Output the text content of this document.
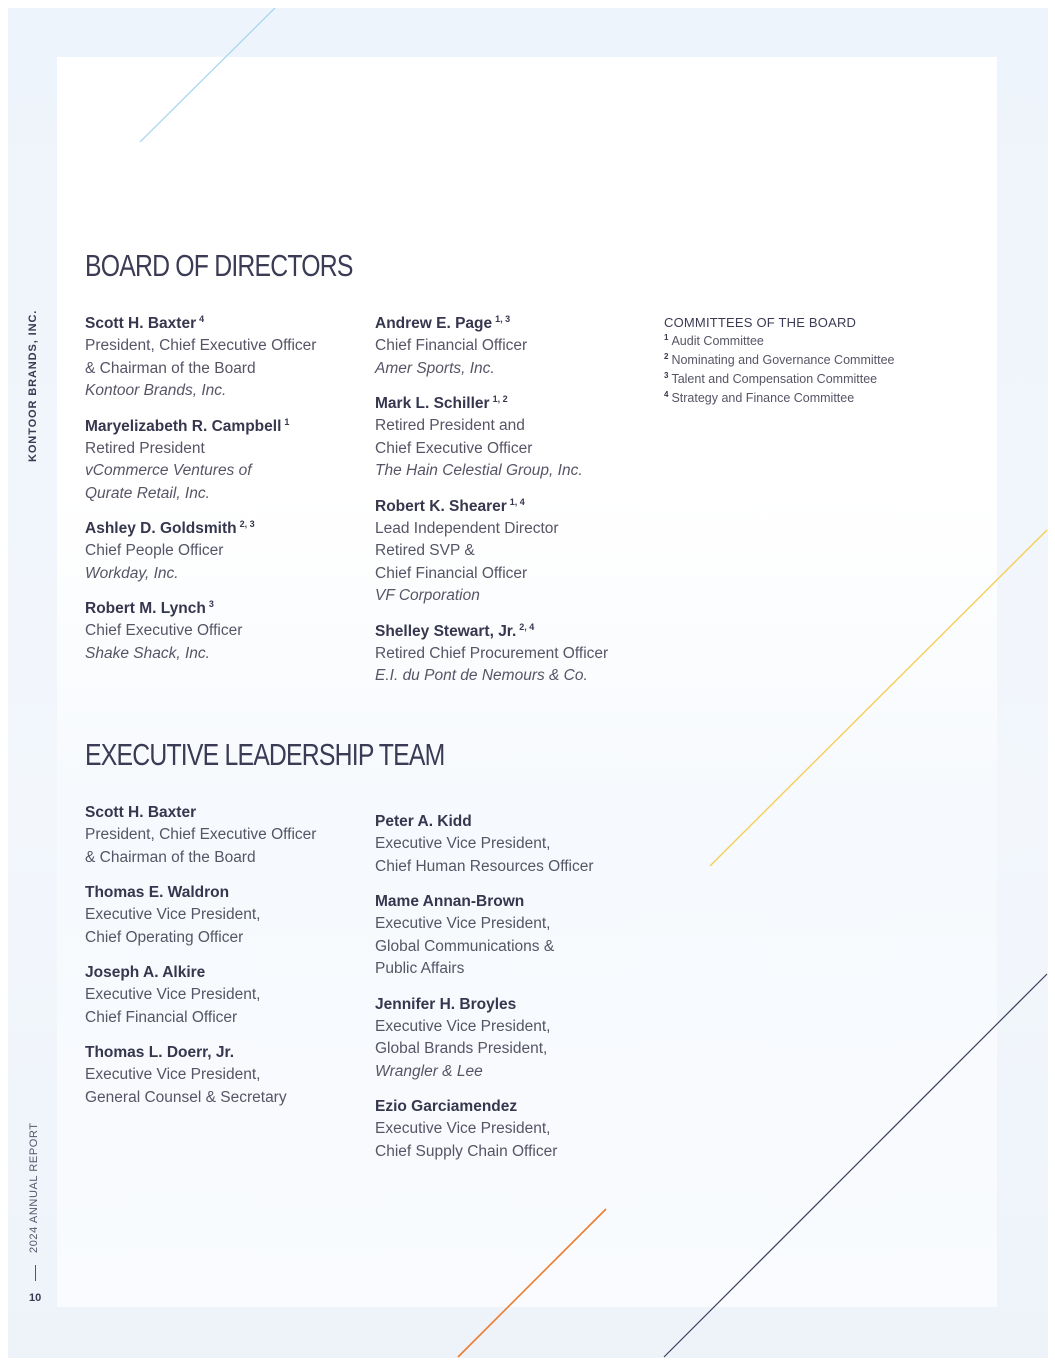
KONTOOR BRANDS, INC.
2024 ANNUAL REPORT
10
BOARD OF DIRECTORS
Scott H. Baxter $^4$
President, Chief Executive Officer
& Chairman of the Board
Kontoor Brands, Inc.
Maryelizabeth R. Campbell $^1$
Retired President
vCommerce Ventures of
Qurate Retail, Inc.
Ashley D. Goldsmith $^{2, 3}$
Chief People Officer
Workday, Inc.
Robert M. Lynch $^3$
Chief Executive Officer
Shake Shack, Inc.
Andrew E. Page $^{1, 3}$
Chief Financial Officer
Amer Sports, Inc.
Mark L. Schiller $^{1, 2}$
Retired President and
Chief Executive Officer
The Hain Celestial Group, Inc.
Robert K. Shearer $^{1, 4}$
Lead Independent Director
Retired SVP &
Chief Financial Officer
VF Corporation
Shelley Stewart, Jr. $^{2, 4}$
Retired Chief Procurement Officer
E.I. du Pont de Nemours & Co.
COMMITTEES OF THE BOARD
$^1$ Audit Committee
$^2$ Nominating and Governance Committee
$^3$ Talent and Compensation Committee
$^4$ Strategy and Finance Committee
EXECUTIVE LEADERSHIP TEAM
Scott H. Baxter
President, Chief Executive Officer
& Chairman of the Board
Thomas E. Waldron
Executive Vice President,
Chief Operating Officer
Joseph A. Alkire
Executive Vice President,
Chief Financial Officer
Thomas L. Doerr, Jr.
Executive Vice President,
General Counsel & Secretary
Peter A. Kidd
Executive Vice President,
Chief Human Resources Officer
Mame Annan-Brown
Executive Vice President,
Global Communications &
Public Affairs
Jennifer H. Broyles
Executive Vice President,
Global Brands President,
Wrangler & Lee
Ezio Garciamendez
Executive Vice President,
Chief Supply Chain Officer
